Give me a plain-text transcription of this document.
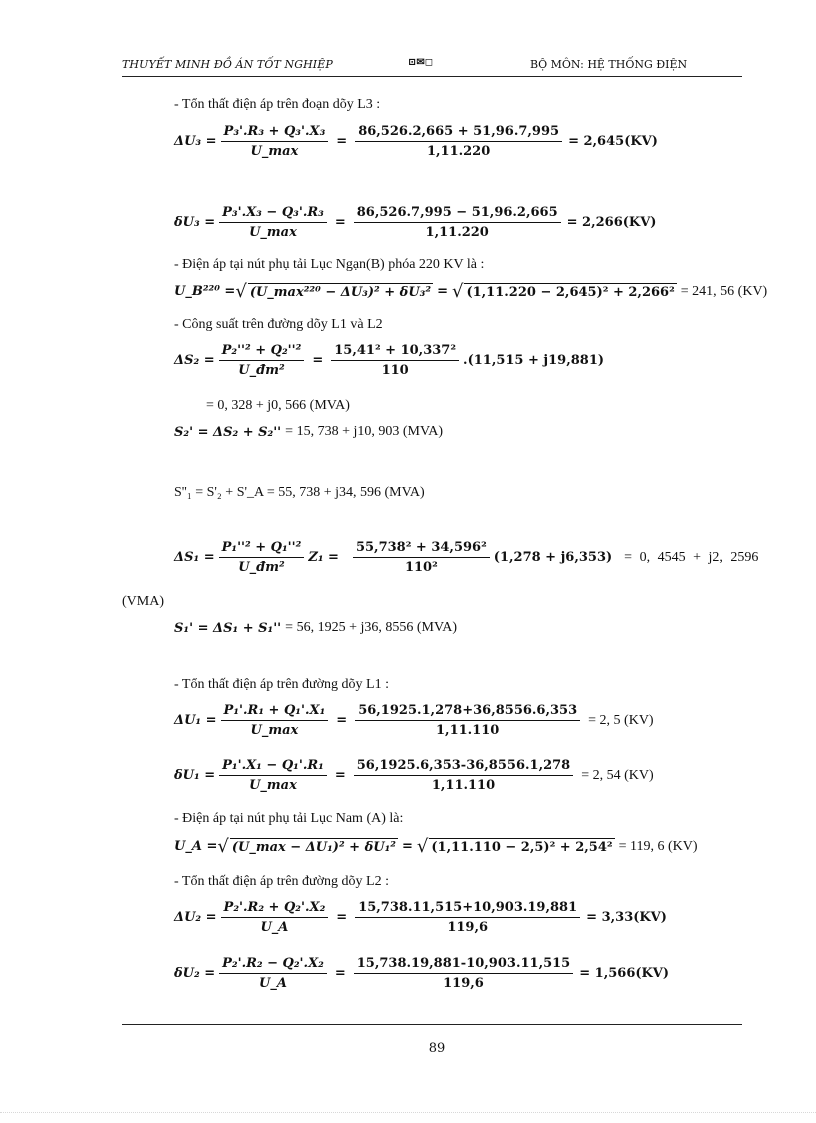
THUYẾT MINH ĐỒ ÁN TỐT NGHIỆP	⊡✉◻	BỘ MÔN: HỆ THỐNG ĐIỆN
- Tổn thất điện áp trên đoạn dõy L3 :
$\Delta U_3 = \frac{\text{P₃'.R₃ + Q₃'.X₃}}{U\_\max} = \frac{86,526.2,665 + 51,96.7,995}{1,11.220} = 2,645(KV)$
$\delta U_3 = \frac{\text{P₃'.X₃ − Q₃'.R₃}}{U\_\max} = \frac{86,526.7,995 - 51,96.2,665}{1,11.220} = 2,266(KV)$
- Điện áp tại nút phụ tải Lục Ngạn(B) phóa 220 KV là :
U_B²²⁰ = √ (U_max²²⁰ − ΔU₃)² + δU₃² = √ (1,11.220 − 2,645)² + 2,266² = 241, 56 (KV)
- Công suất trên đường dõy L1 và L2
$\Delta S_2 = \frac{\text{P₂''² + Q₂''²}}{\text{U\_đm²}} = \frac{\text{15,41² + 10,337²}}{110} .(11,515 + j19,881)$
= 0, 328 + j0, 566 (MVA)
S₂' = ΔS₂ + S₂'' = 15, 738 + j10, 903 (MVA)
S''₁ = S'₂ + S'_A = 55, 738 + j34, 596 (MVA)
$\Delta S_1 = \frac{\text{P₁''² + Q₁''²}}{\text{U\_đm²}} Z_1 = \frac{\text{55,738² + 34,596²}}{\text{110²}} (1,278 + j6,353) = 0$, 4545 + j2, 2596
(VMA)
S₁' = ΔS₁ + S₁'' = 56, 1925 + j36, 8556 (MVA)
- Tổn thất điện áp trên đường dõy L1 :
$\Delta U_1 = \frac{\text{P₁'.R₁ + Q₁'.X₁}}{U\_\max} = \frac{56,1925.1,278+36,8556.6,353}{1,11.110} = 2$, 5 (KV)
$\delta U_1 = \frac{\text{P₁'.X₁ − Q₁'.R₁}}{U\_\max} = \frac{56,1925.6,353-36,8556.1,278}{1,11.110} = 2$, 54 (KV)
- Điện áp tại nút phụ tải Lục Nam (A) là:
U_A = √ (U_max − ΔU₁)² + δU₁² = √ (1,11.110 − 2,5)² + 2,54² = 119, 6 (KV)
- Tổn thất điện áp trên đường dõy L2 :
$\Delta U_2 = \frac{\text{P₂'.R₂ + Q₂'.X₂}}{U\_A} = \frac{15,738.11,515+10,903.19,881}{119,6} = 3,33(KV)$
$\delta U_2 = \frac{\text{P₂'.R₂ − Q₂'.X₂}}{U\_A} = \frac{15,738.19,881-10,903.11,515}{119,6} = 1,566(KV)$
89
